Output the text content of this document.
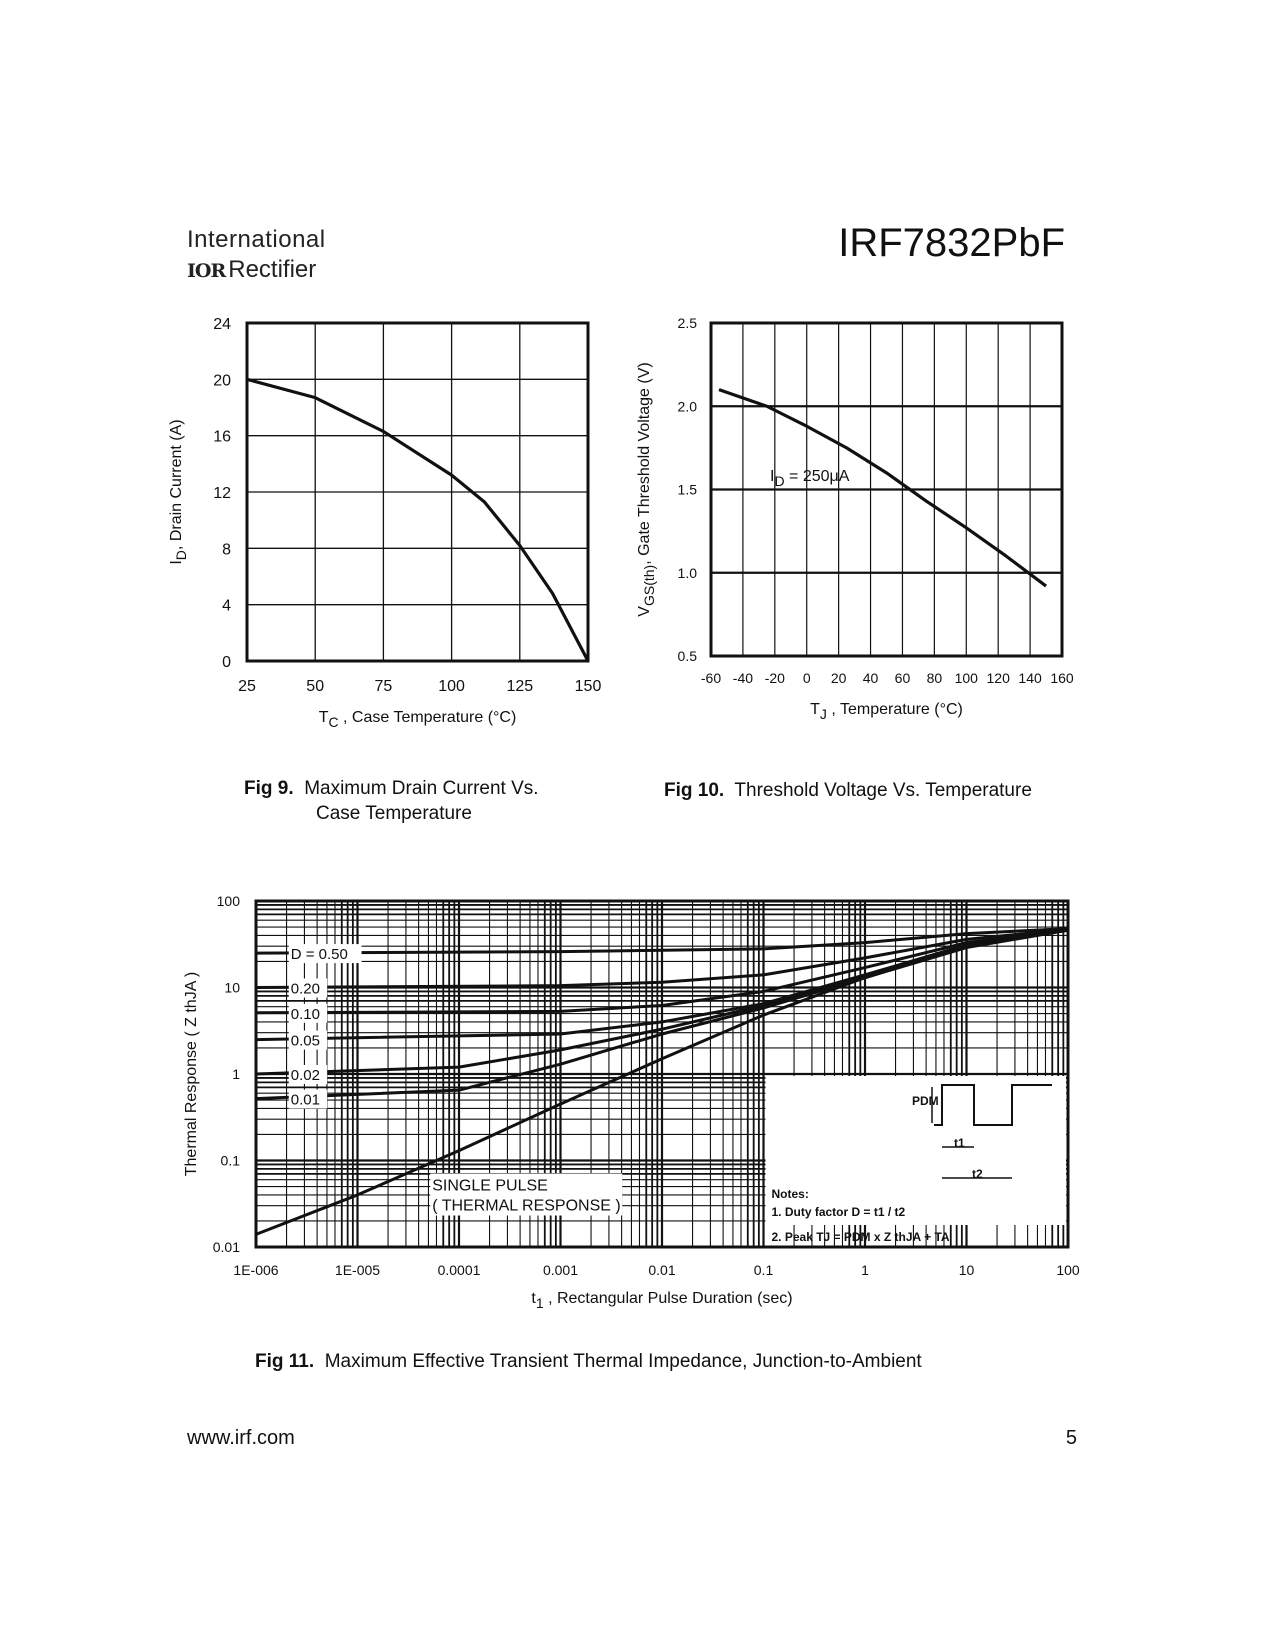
International
IOR Rectifier
IRF7832PbF
Fig 9. Maximum Drain Current Vs.
Case Temperature
Fig 10. Threshold Voltage Vs. Temperature
Fig 11. Maximum Effective Transient Thermal Impedance, Junction-to-Ambient
www.irf.com	5
25	50	75	100	125	150
0
4
8
12
16
20
24
TC , Case Temperature (°C)
ID, Drain Current (A)
-60 -40 -20 0 20 40 60 80 100 120 140 160
0.5
1.0
1.5
2.0
2.5
ID = 250μA
TJ , Temperature (°C)
VGS(th), Gate Threshold Voltage (V)
1E-006	1E-005	0.0001	0.001	0.01	0.1	1	10	100
0.01
0.1
1
10
100
D = 0.50
0.20
0.10
0.05
0.02
0.01
SINGLE PULSE
( THERMAL RESPONSE )
PDM
t1
t2
Notes:
1. Duty factor D = t1 / t2
2. Peak TJ = PDM x Z thJA + TA
t1 , Rectangular Pulse Duration (sec)
Thermal Response ( Z thJA )
